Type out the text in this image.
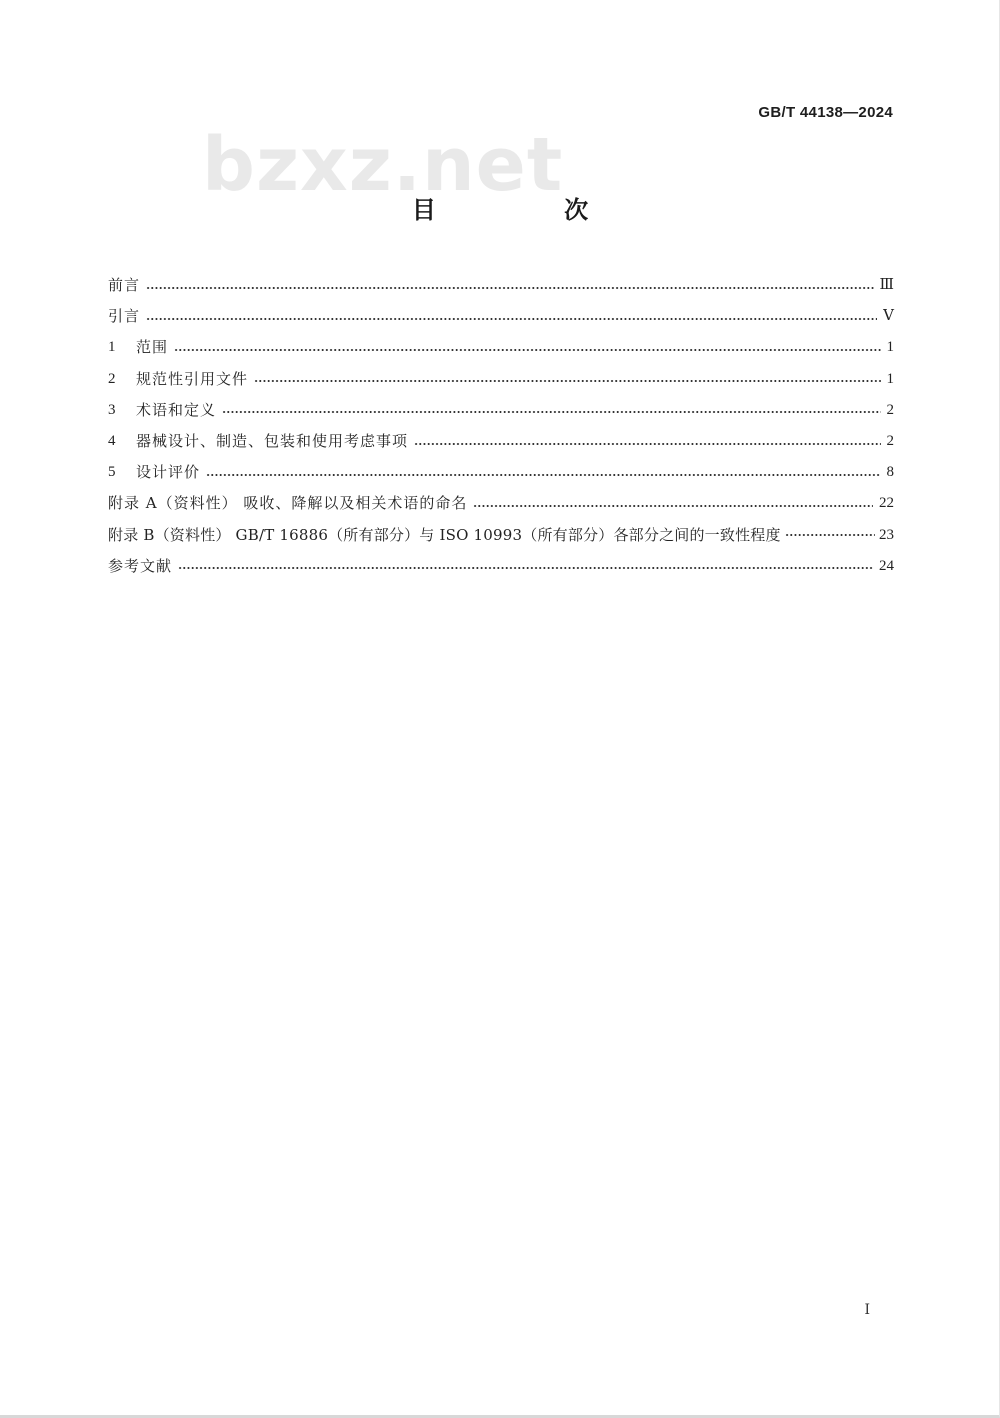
GB/T 44138—2024
bzxz.net
目 次
前言	Ⅲ
引言	Ⅴ
1	范围	1
2	规范性引用文件	1
3	术语和定义	2
4	器械设计、制造、包装和使用考虑事项	2
5	设计评价	8
附录 A（资料性） 吸收、降解以及相关术语的命名	22
附录 B（资料性） GB/T 16886（所有部分）与 ISO 10993（所有部分）各部分之间的一致性程度	23
参考文献	24
Ⅰ
